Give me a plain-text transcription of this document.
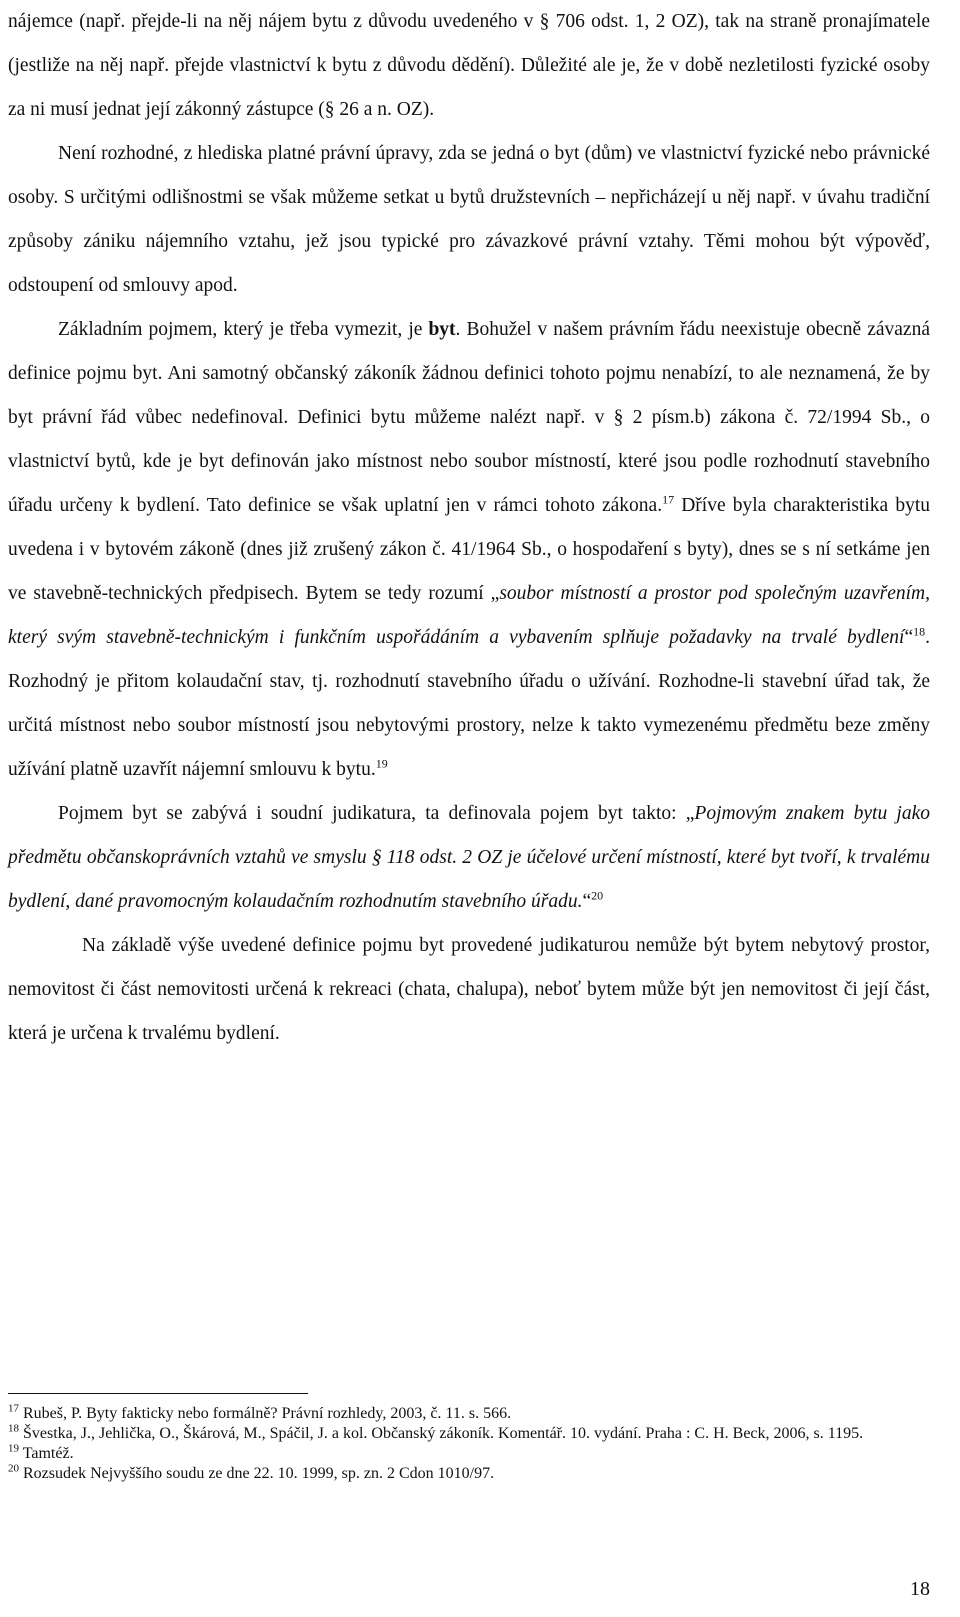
nájemce (např. přejde-li na něj nájem bytu z důvodu uvedeného v § 706 odst. 1, 2 OZ), tak na straně pronajímatele (jestliže na něj např. přejde vlastnictví k bytu z důvodu dědění). Důležité ale je, že v době nezletilosti fyzické osoby za ni musí jednat její zákonný zástupce (§ 26 a n. OZ).

Není rozhodné, z hlediska platné právní úpravy, zda se jedná o byt (dům) ve vlastnictví fyzické nebo právnické osoby. S určitými odlišnostmi se však můžeme setkat u bytů družstevních – nepřicházejí u něj např. v úvahu tradiční způsoby zániku nájemního vztahu, jež jsou typické pro závazkové právní vztahy. Těmi mohou být výpověď, odstoupení od smlouvy apod.

Základním pojmem, který je třeba vymezit, je byt. Bohužel v našem právním řádu neexistuje obecně závazná definice pojmu byt. Ani samotný občanský zákoník žádnou definici tohoto pojmu nenabízí, to ale neznamená, že by byt právní řád vůbec nedefinoval. Definici bytu můžeme nalézt např. v § 2 písm.b) zákona č. 72/1994 Sb., o vlastnictví bytů, kde je byt definován jako místnost nebo soubor místností, které jsou podle rozhodnutí stavebního úřadu určeny k bydlení. Tato definice se však uplatní jen v rámci tohoto zákona.$^{17}$ Dříve byla charakteristika bytu uvedena i v bytovém zákoně (dnes již zrušený zákon č. 41/1964 Sb., o hospodaření s byty), dnes se s ní setkáme jen ve stavebně-technických předpisech. Bytem se tedy rozumí „soubor místností a prostor pod společným uzavřením, který svým stavebně-technickým i funkčním uspořádáním a vybavením splňuje požadavky na trvalé bydlení“$^{18}$. Rozhodný je přitom kolaudační stav, tj. rozhodnutí stavebního úřadu o užívání. Rozhodne-li stavební úřad tak, že určitá místnost nebo soubor místností jsou nebytovými prostory, nelze k takto vymezenému předmětu beze změny užívání platně uzavřít nájemní smlouvu k bytu.$^{19}$

Pojmem byt se zabývá i soudní judikatura, ta definovala pojem byt takto: „Pojmovým znakem bytu jako předmětu občanskoprávních vztahů ve smyslu § 118 odst. 2 OZ je účelové určení místností, které byt tvoří, k trvalému bydlení, dané pravomocným kolaudačním rozhodnutím stavebního úřadu.“$^{20}$

Na základě výše uvedené definice pojmu byt provedené judikaturou nemůže být bytem nebytový prostor, nemovitost či část nemovitosti určená k rekreaci (chata, chalupa), neboť bytem může být jen nemovitost či její část, která je určena k trvalému bydlení.

$^{17}$ Rubeš, P. Byty fakticky nebo formálně? Právní rozhledy, 2003, č. 11. s. 566.

$^{18}$ Švestka, J., Jehlička, O., Škárová, M., Spáčil, J. a kol. Občanský zákoník. Komentář. 10. vydání. Praha : C. H. Beck, 2006, s. 1195.

$^{19}$ Tamtéž.

$^{20}$ Rozsudek Nejvyššího soudu ze dne 22. 10. 1999, sp. zn. 2 Cdon 1010/97.

18
